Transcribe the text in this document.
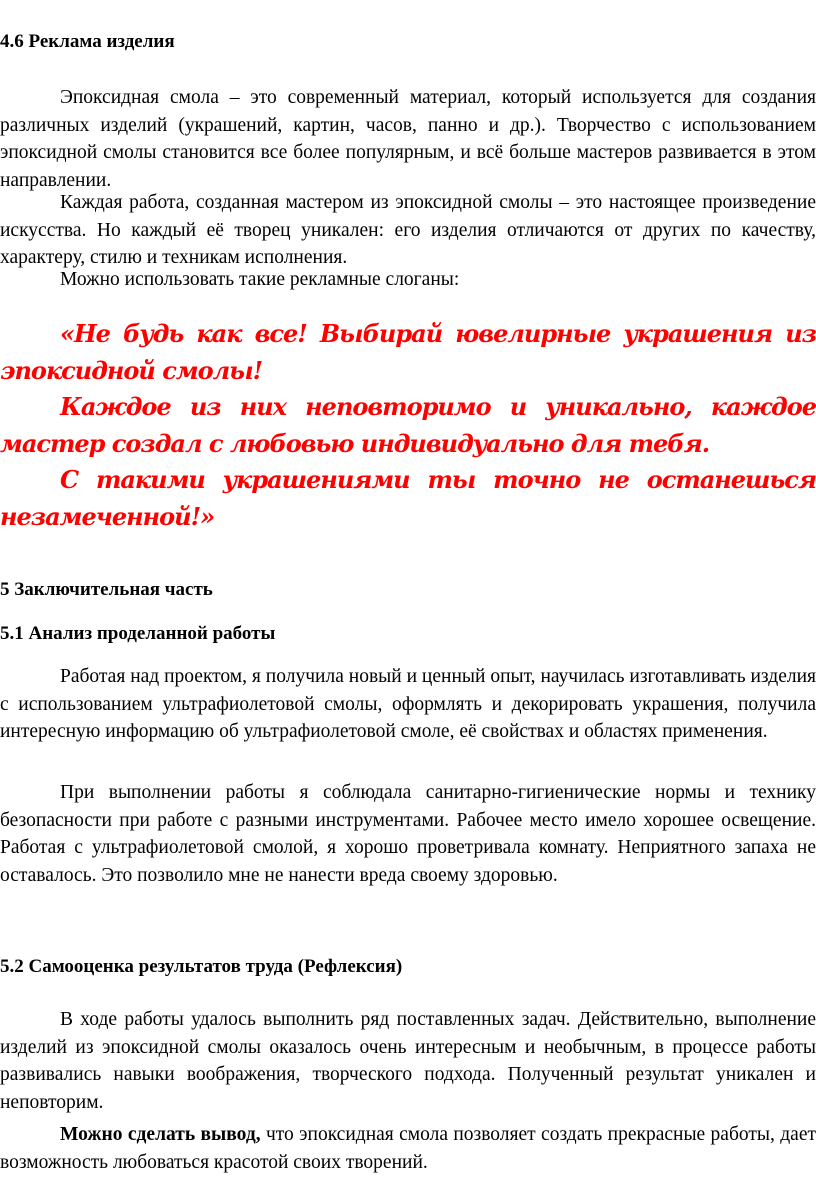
4.6 Реклама изделия

Эпоксидная смола – это современный материал, который используется для создания различных изделий (украшений, картин, часов, панно и др.). Творчество с использованием эпоксидной смолы становится все более популярным, и всё больше мастеров развивается в этом направлении.

Каждая работа, созданная мастером из эпоксидной смолы – это настоящее произведение искусства. Но каждый её творец уникален: его изделия отличаются от других по качеству, характеру, стилю и техникам исполнения.

Можно использовать такие рекламные слоганы:

«Не будь как все! Выбирай ювелирные украшения из эпоксидной смолы!

Каждое из них неповторимо и уникально, каждое мастер создал с любовью индивидуально для тебя.

С такими украшениями ты точно не останешься незамеченной!»

5 Заключительная часть
5.1 Анализ проделанной работы

Работая над проектом, я получила новый и ценный опыт, научилась изготавливать изделия с использованием ультрафиолетовой смолы, оформлять и декорировать украшения, получила интересную информацию об ультрафиолетовой смоле, её свойствах и областях применения.

При выполнении работы я соблюдала санитарно-гигиенические нормы и технику безопасности при работе с разными инструментами. Рабочее место имело хорошее освещение. Работая с ультрафиолетовой смолой, я хорошо проветривала комнату. Неприятного запаха не оставалось. Это позволило мне не нанести вреда своему здоровью.

5.2 Самооценка результатов труда (Рефлексия)

В ходе работы удалось выполнить ряд поставленных задач. Действительно, выполнение изделий из эпоксидной смолы оказалось очень интересным и необычным, в процессе работы развивались навыки воображения, творческого подхода. Полученный результат уникален и неповторим.

Можно сделать вывод, что эпоксидная смола позволяет создать прекрасные работы, дает возможность любоваться красотой своих творений.
